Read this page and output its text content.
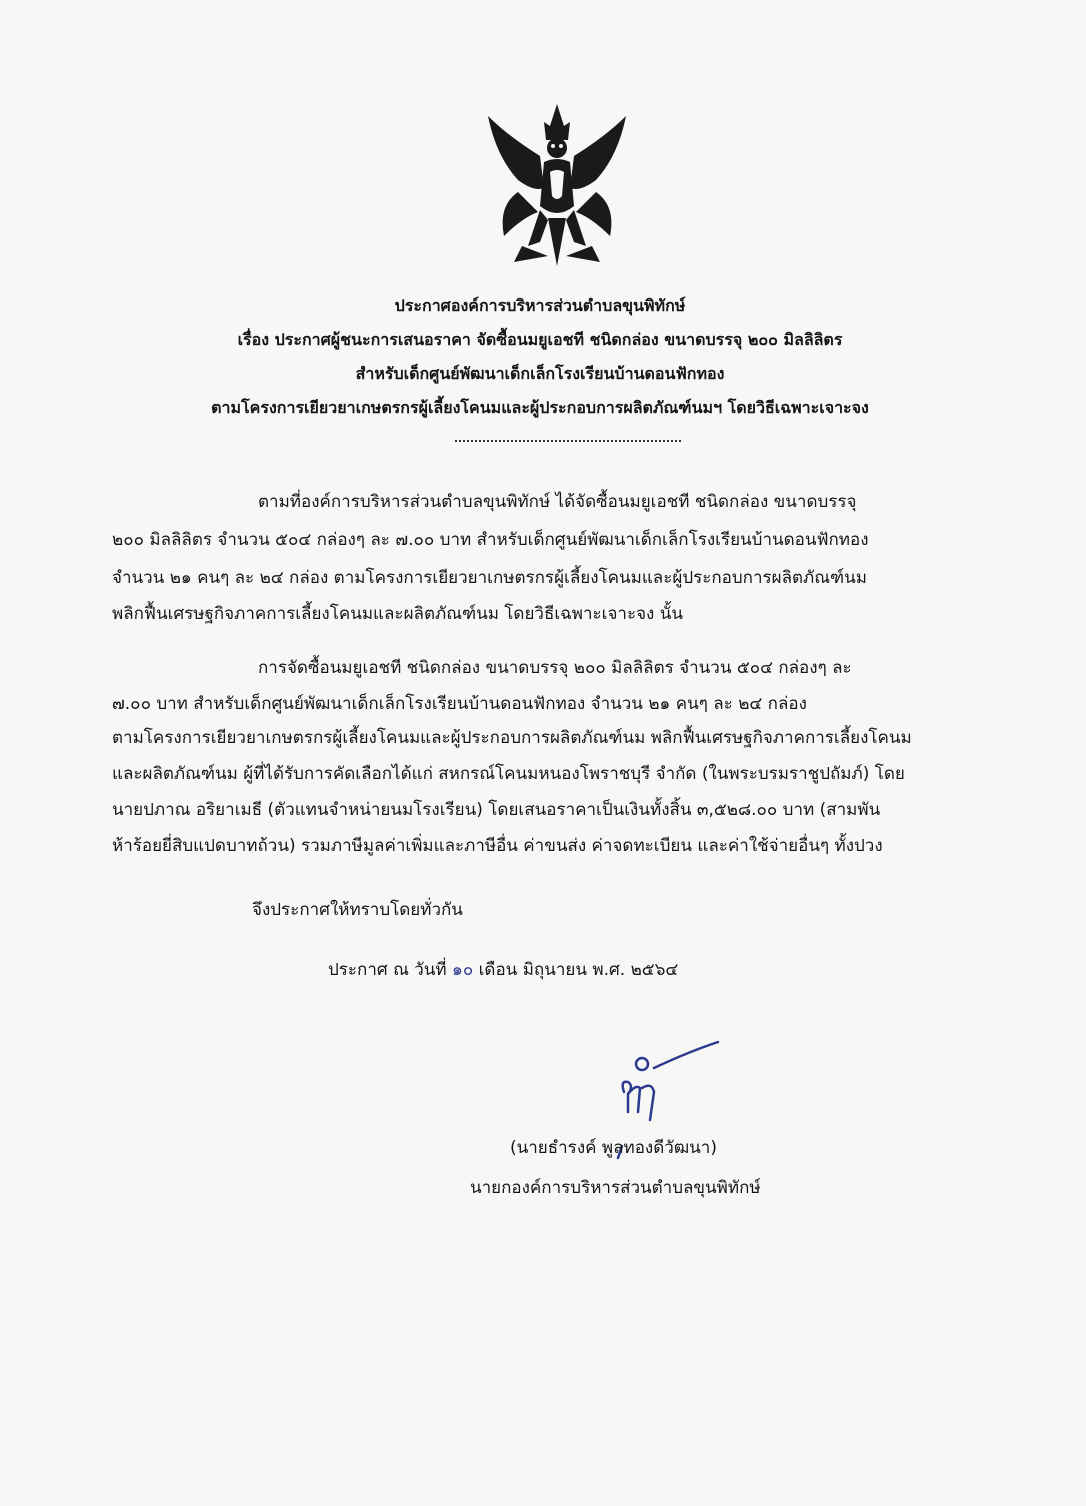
ประกาศองค์การบริหารส่วนตำบลขุนพิทักษ์
เรื่อง ประกาศผู้ชนะการเสนอราคา จัดซื้อนมยูเอชที ชนิดกล่อง ขนาดบรรจุ ๒๐๐ มิลลิลิตร
สำหรับเด็กศูนย์พัฒนาเด็กเล็กโรงเรียนบ้านดอนฟักทอง
ตามโครงการเยียวยาเกษตรกรผู้เลี้ยงโคนมและผู้ประกอบการผลิตภัณฑ์นมฯ โดยวิธีเฉพาะเจาะจง
ตามที่องค์การบริหารส่วนตำบลขุนพิทักษ์ ได้จัดซื้อนมยูเอชที ชนิดกล่อง ขนาดบรรจุ
๒๐๐ มิลลิลิตร จำนวน ๕๐๔ กล่องๆ ละ ๗.๐๐ บาท สำหรับเด็กศูนย์พัฒนาเด็กเล็กโรงเรียนบ้านดอนฟักทอง
จำนวน ๒๑ คนๆ ละ ๒๔ กล่อง ตามโครงการเยียวยาเกษตรกรผู้เลี้ยงโคนมและผู้ประกอบการผลิตภัณฑ์นม
พลิกฟื้นเศรษฐกิจภาคการเลี้ยงโคนมและผลิตภัณฑ์นม โดยวิธีเฉพาะเจาะจง นั้น
การจัดซื้อนมยูเอชที ชนิดกล่อง ขนาดบรรจุ ๒๐๐ มิลลิลิตร จำนวน ๕๐๔ กล่องๆ ละ
๗.๐๐ บาท สำหรับเด็กศูนย์พัฒนาเด็กเล็กโรงเรียนบ้านดอนฟักทอง จำนวน ๒๑ คนๆ ละ ๒๔ กล่อง
ตามโครงการเยียวยาเกษตรกรผู้เลี้ยงโคนมและผู้ประกอบการผลิตภัณฑ์นม พลิกฟื้นเศรษฐกิจภาคการเลี้ยงโคนม
และผลิตภัณฑ์นม ผู้ที่ได้รับการคัดเลือกได้แก่ สหกรณ์โคนมหนองโพราชบุรี จำกัด (ในพระบรมราชูปถัมภ์) โดย
นายปภาณ อริยาเมธี (ตัวแทนจำหน่ายนมโรงเรียน) โดยเสนอราคาเป็นเงินทั้งสิ้น ๓,๕๒๘.๐๐ บาท (สามพัน
ห้าร้อยยี่สิบแปดบาทถ้วน) รวมภาษีมูลค่าเพิ่มและภาษีอื่น ค่าขนส่ง ค่าจดทะเบียน และค่าใช้จ่ายอื่นๆ ทั้งปวง
จึงประกาศให้ทราบโดยทั่วกัน
ประกาศ ณ วันที่ ๑๐ เดือน มิถุนายน พ.ศ. ๒๕๖๔
(นายธำรงค์ พูลทองดีวัฒนา)
นายกองค์การบริหารส่วนตำบลขุนพิทักษ์
